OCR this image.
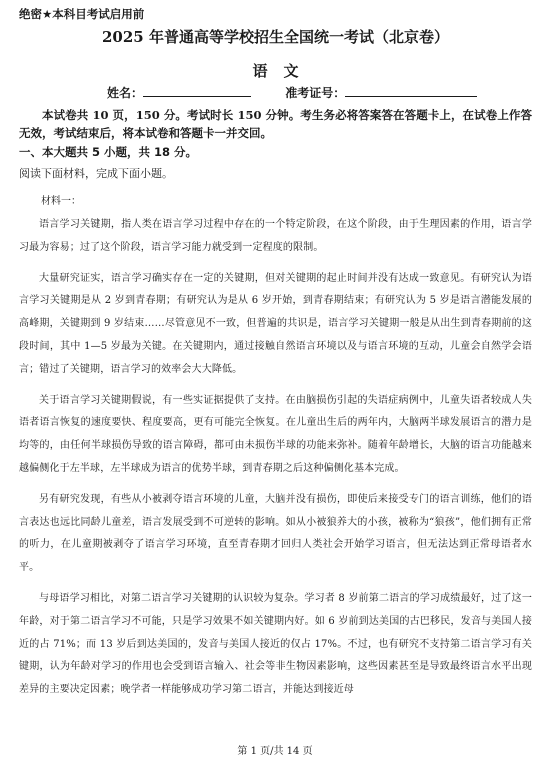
绝密★本科目考试启用前

2025 年普通高等学校招生全国统一考试（北京卷）
语文
姓名：	准考证号：

本试卷共 10 页，150 分。考试时长 150 分钟。考生务必将答案答在答题卡上，在试卷上作答无效，考试结束后，将本试卷和答题卡一并交回。

一、本大题共 5 小题，共 18 分。

阅读下面材料，完成下面小题。

材料一：

语言学习关键期，指人类在语言学习过程中存在的一个特定阶段，在这个阶段，由于生理因素的作用，语言学习最为容易；过了这个阶段，语言学习能力就受到一定程度的限制。

大量研究证实，语言学习确实存在一定的关键期，但对关键期的起止时间并没有达成一致意见。有研究认为语言学习关键期是从 2 岁到青春期；有研究认为是从 6 岁开始，到青春期结束；有研究认为 5 岁是语言潜能发展的高峰期，关键期到 9 岁结束……尽管意见不一致，但普遍的共识是，语言学习关键期一般是从出生到青春期前的这段时间，其中 1—5 岁最为关键。在关键期内，通过接触自然语言环境以及与语言环境的互动，儿童会自然学会语言；错过了关键期，语言学习的效率会大大降低。

关于语言学习关键期假说，有一些实证据提供了支持。在由脑损伤引起的失语症病例中，儿童失语者较成人失语者语言恢复的速度要快、程度要高，更有可能完全恢复。在儿童出生后的两年内，大脑两半球发展语言的潜力是均等的，由任何半球损伤导致的语言障碍，都可由未损伤半球的功能来弥补。随着年龄增长，大脑的语言功能越来越偏侧化于左半球，左半球成为语言的优势半球，到青春期之后这种偏侧化基本完成。

另有研究发现，有些从小被剥夺语言环境的儿童，大脑并没有损伤，即使后来接受专门的语言训练，他们的语言表达也远比同龄儿童差，语言发展受到不可逆转的影响。如从小被狼养大的小孩，被称为“狼孩”，他们拥有正常的听力，在儿童期被剥夺了语言学习环境，直至青春期才回归人类社会开始学习语言，但无法达到正常母语者水平。

与母语学习相比，对第二语言学习关键期的认识较为复杂。学习者 8 岁前第二语言的学习成绩最好，过了这一年龄，对于第二语言学习不可能，只是学习效果不如关键期内好。如 6 岁前到达美国的古巴移民，发音与美国人接近的占 71%；而 13 岁后到达美国的，发音与美国人接近的仅占 17%。不过，也有研究不支持第二语言学习有关键期，认为年龄对学习的作用也会受到语言输入、社会等非生物因素影响，这些因素甚至是导致最终语言水平出现差异的主要决定因素；晚学者一样能够成功学习第二语言，并能达到接近母

第 1 页/共 14 页
